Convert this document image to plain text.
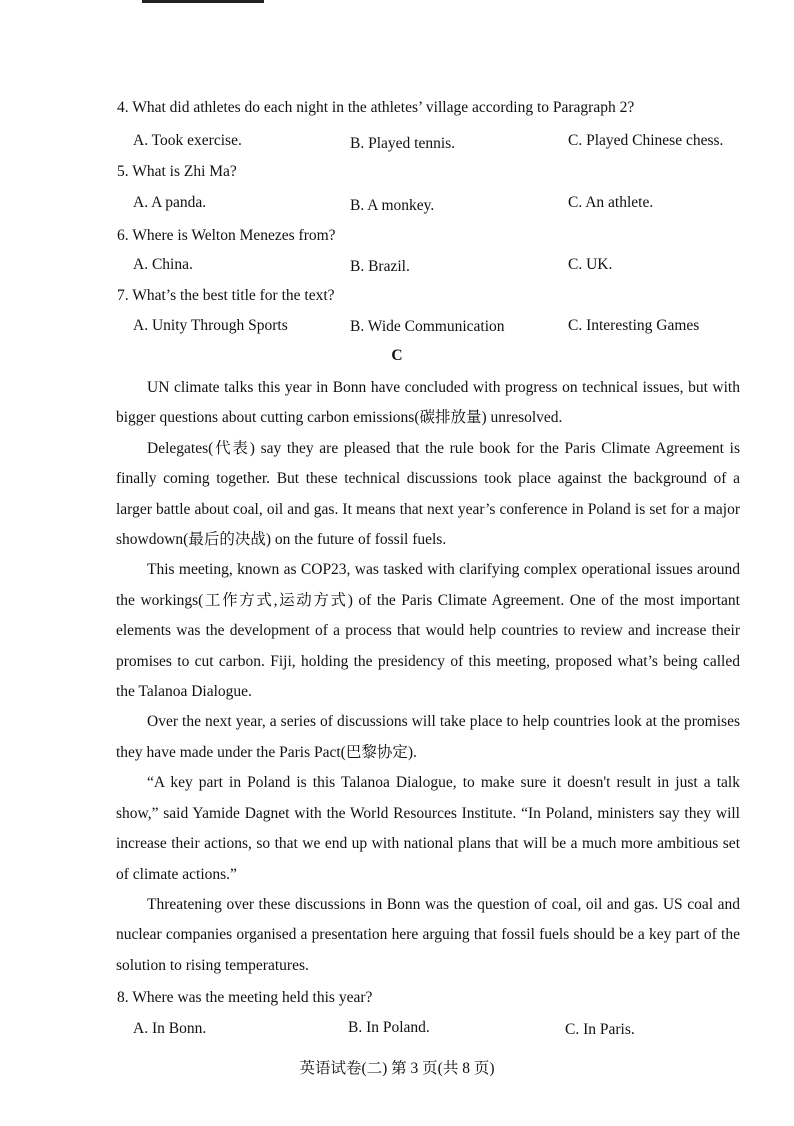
4. What did athletes do each night in the athletes’ village according to Paragraph 2?
A. Took exercise.	B. Played tennis.	C. Played Chinese chess.
5. What is Zhi Ma?
A. A panda.	B. A monkey.	C. An athlete.
6. Where is Welton Menezes from?
A. China.	B. Brazil.	C. UK.
7. What’s the best title for the text?
A. Unity Through Sports	B. Wide Communication	C. Interesting Games
C

UN climate talks this year in Bonn have concluded with progress on technical issues, but with bigger questions about cutting carbon emissions(碳排放量) unresolved.

Delegates(代表) say they are pleased that the rule book for the Paris Climate Agreement is finally coming together. But these technical discussions took place against the background of a larger battle about coal, oil and gas. It means that next year’s conference in Poland is set for a major showdown(最后的决战) on the future of fossil fuels.

This meeting, known as COP23, was tasked with clarifying complex operational issues around the workings(工作方式,运动方式) of the Paris Climate Agreement. One of the most important elements was the development of a process that would help countries to review and increase their promises to cut carbon. Fiji, holding the presidency of this meeting, proposed what’s being called the Talanoa Dialogue.

Over the next year, a series of discussions will take place to help countries look at the promises they have made under the Paris Pact(巴黎协定).

“A key part in Poland is this Talanoa Dialogue, to make sure it doesn't result in just a talk show,” said Yamide Dagnet with the World Resources Institute. “In Poland, ministers say they will increase their actions, so that we end up with national plans that will be a much more ambitious set of climate actions.”

Threatening over these discussions in Bonn was the question of coal, oil and gas. US coal and nuclear companies organised a presentation here arguing that fossil fuels should be a key part of the solution to rising temperatures.

8. Where was the meeting held this year?
A. In Bonn.	B. In Poland.	C. In Paris.
英语试卷(二) 第 3 页(共 8 页)
